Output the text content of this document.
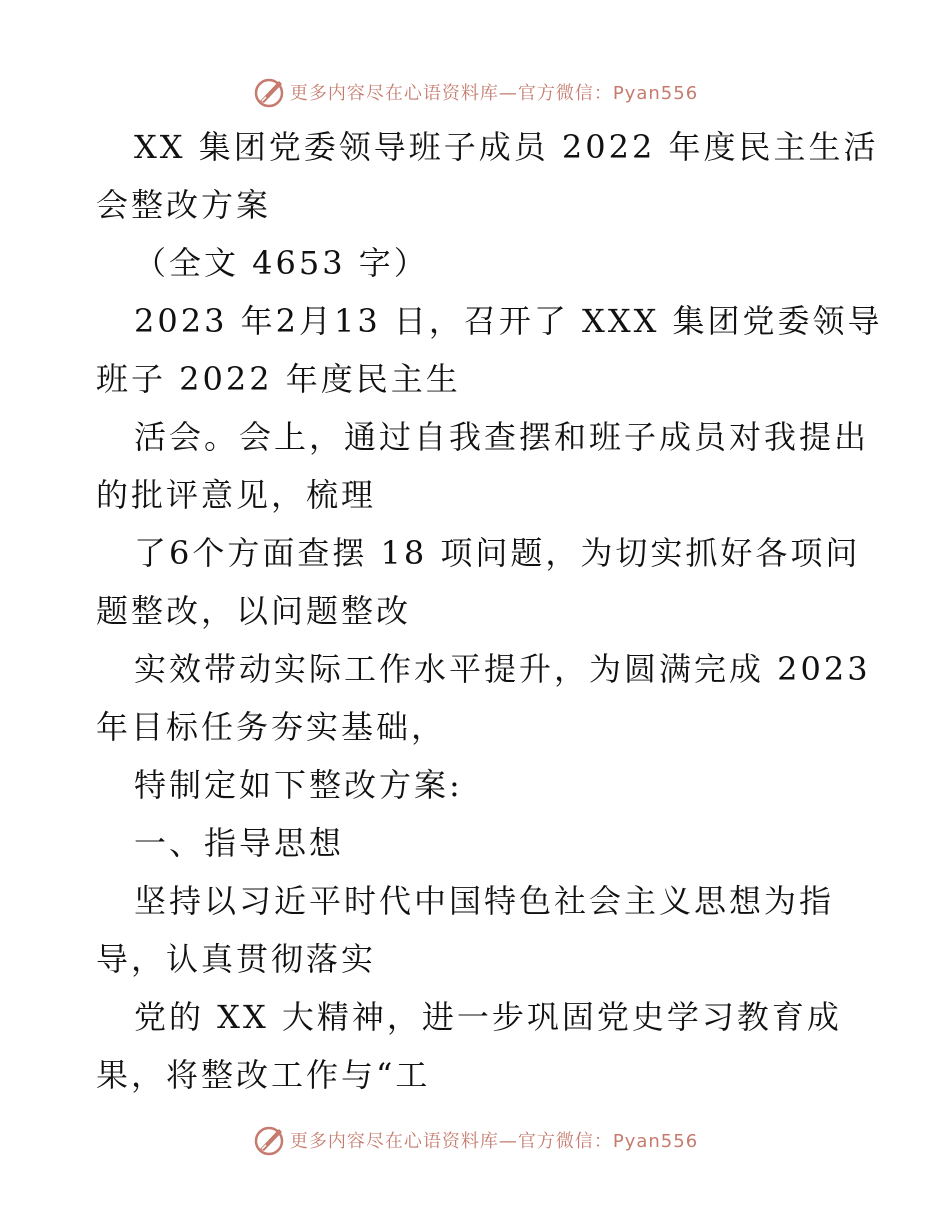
更多内容尽在心语资料库—官方微信：Pyan556
XX 集团党委领导班子成员 2022 年度民主生活
会整改方案
（全文 4653 字）
2023 年2月13 日，召开了 XXX 集团党委领导
班子 2022 年度民主生
活会。会上，通过自我查摆和班子成员对我提出
的批评意见，梳理
了6个方面查摆 18 项问题，为切实抓好各项问
题整改，以问题整改
实效带动实际工作水平提升，为圆满完成 2023
年目标任务夯实基础，
特制定如下整改方案:
一、指导思想
坚持以习近平时代中国特色社会主义思想为指
导，认真贯彻落实
党的 XX 大精神，进一步巩固党史学习教育成
果，将整改工作与“工
更多内容尽在心语资料库—官方微信：Pyan556
